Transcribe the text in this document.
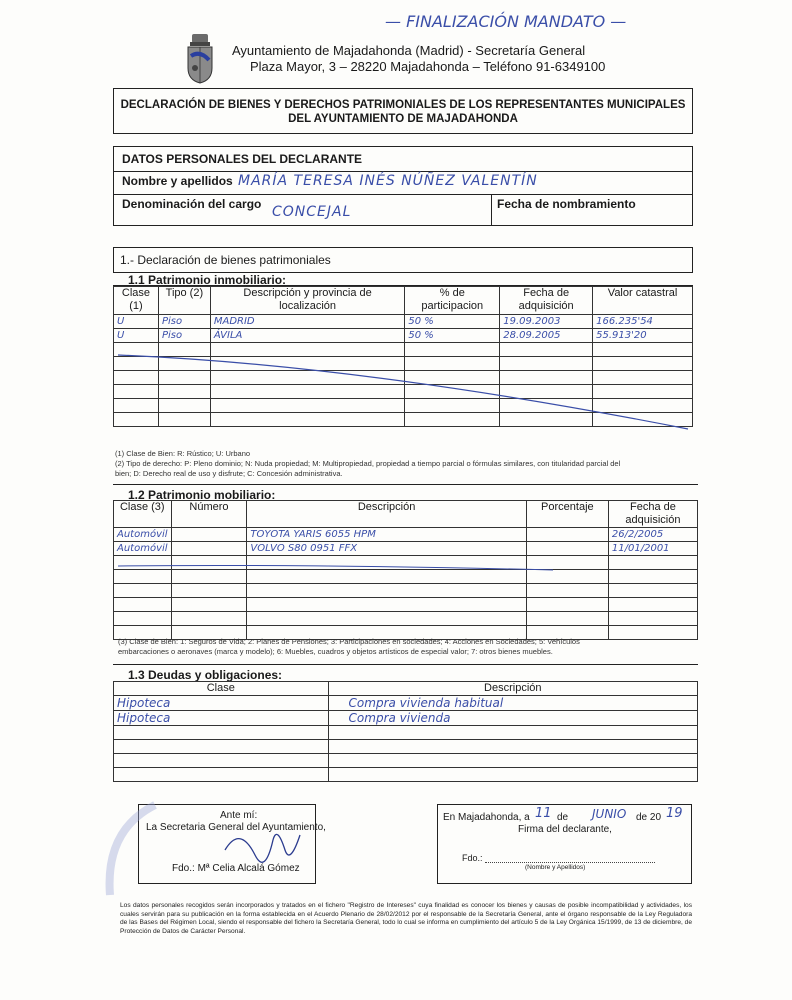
— FINALIZACIÓN MANDATO —
Ayuntamiento de Majadahonda (Madrid) - Secretaría General
Plaza Mayor, 3 – 28220 Majadahonda – Teléfono 91-6349100
DECLARACIÓN DE BIENES Y DERECHOS PATRIMONIALES DE LOS REPRESENTANTES MUNICIPALES
DEL AYUNTAMIENTO DE MAJADAHONDA
DATOS PERSONALES DEL DECLARANTE
Nombre y apellidos MARÍA TERESA INÉS NÚÑEZ VALENTÍN
Denominación del cargo CONCEJAL	Fecha de nombramiento
1.- Declaración de bienes patrimoniales
1.1 Patrimonio inmobiliario:
Clase (1)	Tipo (2)	Descripción y provincia de localización	% de participacion	Fecha de adquisición	Valor catastral
U	Piso	MADRID	50 %	19.09.2003	166.235'54
U	Piso	ÁVILA	50 %	28.09.2005	55.913'20

(1) Clase de Bien: R: Rústico; U: Urbano
(2) Tipo de derecho: P: Pleno dominio; N: Nuda propiedad; M: Multipropiedad, propiedad a tiempo parcial o fórmulas similares, con titularidad parcial del
bien; D: Derecho real de uso y disfrute; C: Concesión administrativa.
1.2 Patrimonio mobiliario:
Clase (3)	Número	Descripción	Porcentaje	Fecha de adquisición
Automóvil		TOYOTA YARIS 6055 HPM		26/2/2005
Automóvil		VOLVO S80 0951 FFX		11/01/2001

(3) Clase de Bien: 1: Seguros de Vida; 2: Planes de Pensiones; 3: Participaciones en sociedades; 4: Acciones en Sociedades; 5: Vehículos
embarcaciones o aeronaves (marca y modelo); 6: Muebles, cuadros y objetos artísticos de especial valor; 7: otros bienes muebles.
1.3 Deudas y obligaciones:
Clase	Descripción
Hipoteca	Compra vivienda habitual
Hipoteca	Compra vivienda

Ante mí:
La Secretaria General del Ayuntamiento,
Fdo.: Mª Celia Alcalá Gómez
En Majadahonda, a 11 de JUNIO de 20 19
Firma del declarante,
Fdo.:
(Nombre y Apellidos)
Los datos personales recogidos serán incorporados y tratados en el fichero "Registro de Intereses" cuya finalidad es conocer los bienes y causas de posible incompatibilidad y actividades, los cuales servirán para su publicación en la forma establecida en el Acuerdo Plenario de 28/02/2012 por el responsable de la Secretaría General, ante el órgano responsable de la Ley Reguladora de las Bases del Régimen Local, siendo el responsable del fichero la Secretaría General, todo lo cual se informa en cumplimiento del artículo 5 de la Ley Orgánica 15/1999, de 13 de diciembre, de Protección de Datos de Carácter Personal.
